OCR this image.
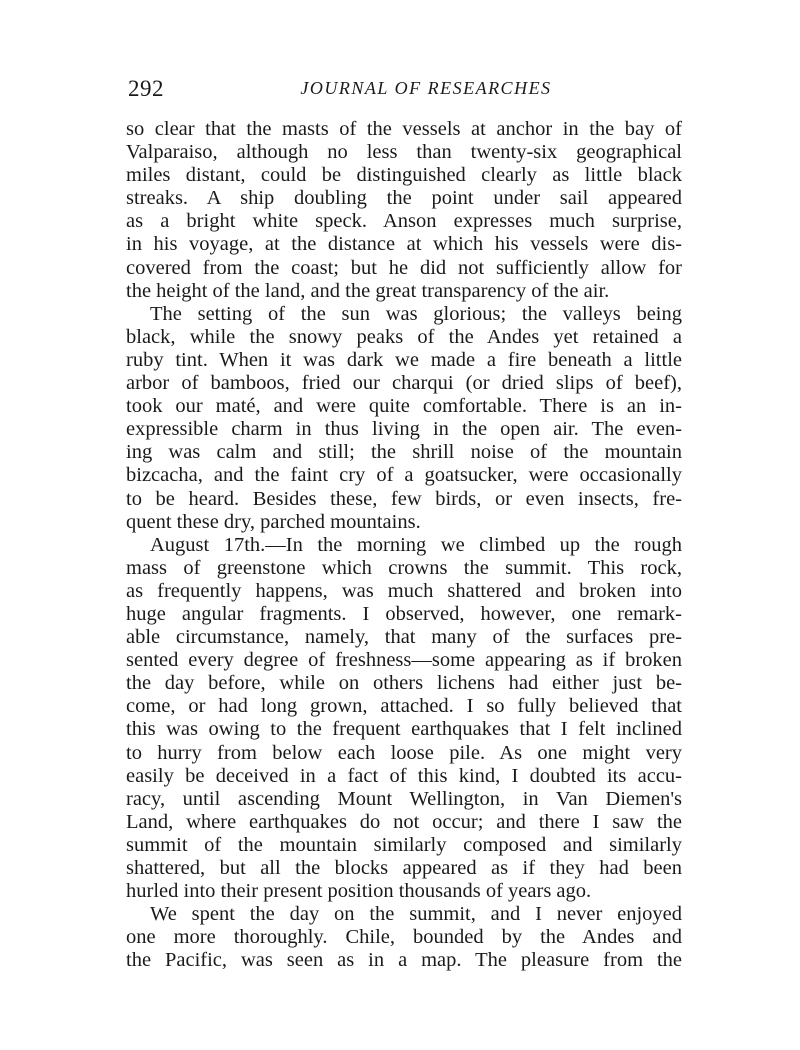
292	JOURNAL OF RESEARCHES
so clear that the masts of the vessels at anchor in the bay of
Valparaiso, although no less than twenty-six geographical
miles distant, could be distinguished clearly as little black
streaks. A ship doubling the point under sail appeared
as a bright white speck. Anson expresses much surprise,
in his voyage, at the distance at which his vessels were dis-
covered from the coast; but he did not sufficiently allow for
the height of the land, and the great transparency of the air.
The setting of the sun was glorious; the valleys being
black, while the snowy peaks of the Andes yet retained a
ruby tint. When it was dark we made a fire beneath a little
arbor of bamboos, fried our charqui (or dried slips of beef),
took our maté, and were quite comfortable. There is an in-
expressible charm in thus living in the open air. The even-
ing was calm and still; the shrill noise of the mountain
bizcacha, and the faint cry of a goatsucker, were occasionally
to be heard. Besides these, few birds, or even insects, fre-
quent these dry, parched mountains.
August 17th.—In the morning we climbed up the rough
mass of greenstone which crowns the summit. This rock,
as frequently happens, was much shattered and broken into
huge angular fragments. I observed, however, one remark-
able circumstance, namely, that many of the surfaces pre-
sented every degree of freshness—some appearing as if broken
the day before, while on others lichens had either just be-
come, or had long grown, attached. I so fully believed that
this was owing to the frequent earthquakes that I felt inclined
to hurry from below each loose pile. As one might very
easily be deceived in a fact of this kind, I doubted its accu-
racy, until ascending Mount Wellington, in Van Diemen's
Land, where earthquakes do not occur; and there I saw the
summit of the mountain similarly composed and similarly
shattered, but all the blocks appeared as if they had been
hurled into their present position thousands of years ago.
We spent the day on the summit, and I never enjoyed
one more thoroughly. Chile, bounded by the Andes and
the Pacific, was seen as in a map. The pleasure from the
